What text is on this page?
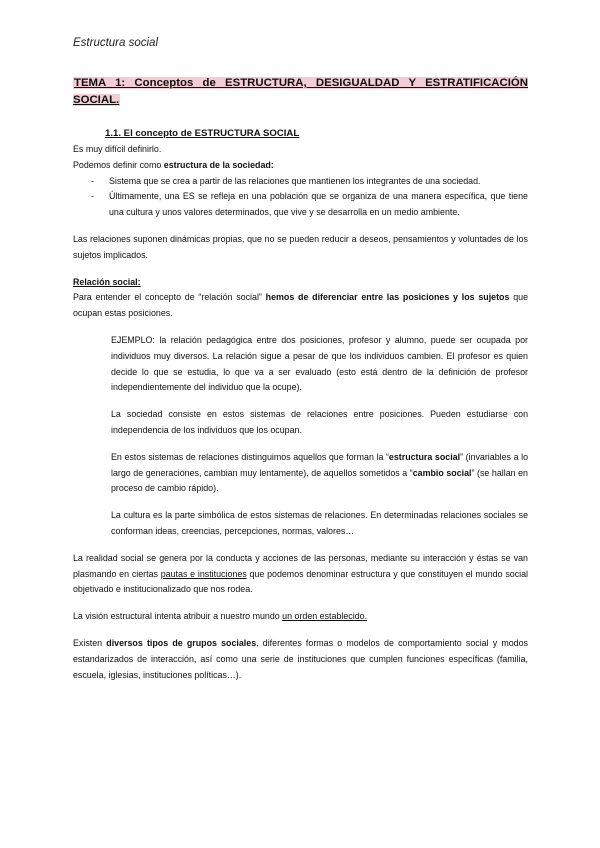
Estructura social
TEMA 1: Conceptos de ESTRUCTURA, DESIGUALDAD Y ESTRATIFICACIÓN SOCIAL.
1.1. El concepto de ESTRUCTURA SOCIAL

Es muy difícil definirlo.

Podemos definir como estructura de la sociedad:

- Sistema que se crea a partir de las relaciones que mantienen los integrantes de una sociedad.
- Últimamente, una ES se refleja en una población que se organiza de una manera específica, que tiene una cultura y unos valores determinados, que vive y se desarrolla en un medio ambiente.

Las relaciones suponen dinámicas propias, que no se pueden reducir a deseos, pensamientos y voluntades de los sujetos implicados.

Relación social:

Para entender el concepto de “relación social” hemos de diferenciar entre las posiciones y los sujetos que ocupan estas posiciones.

EJEMPLO: la relación pedagógica entre dos posiciones, profesor y alumno, puede ser ocupada por individuos muy diversos. La relación sigue a pesar de que los individuos cambien. El profesor es quien decide lo que se estudia, lo que va a ser evaluado (esto está dentro de la definición de profesor independientemente del individuo que la ocupe).

La sociedad consiste en estos sistemas de relaciones entre posiciones. Pueden estudiarse con independencia de los individuos que los ocupan.

En estos sistemas de relaciones distinguimos aquellos que forman la “estructura social” (invariables a lo largo de generaciones, cambian muy lentamente), de aquellos sometidos a “cambio social” (se hallan en proceso de cambio rápido).

La cultura es la parte simbólica de estos sistemas de relaciones. En determinadas relaciones sociales se conforman ideas, creencias, percepciones, normas, valores…

La realidad social se genera por la conducta y acciones de las personas, mediante su interacción y éstas se van plasmando en ciertas pautas e instituciones que podemos denominar estructura y que constituyen el mundo social objetivado e institucionalizado que nos rodea.

La visión estructural intenta atribuir a nuestro mundo un orden establecido.

Existen diversos tipos de grupos sociales, diferentes formas o modelos de comportamiento social y modos estandarizados de interacción, así como una serie de instituciones que cumplen funciones específicas (familia, escuela, iglesias, instituciones políticas…).
